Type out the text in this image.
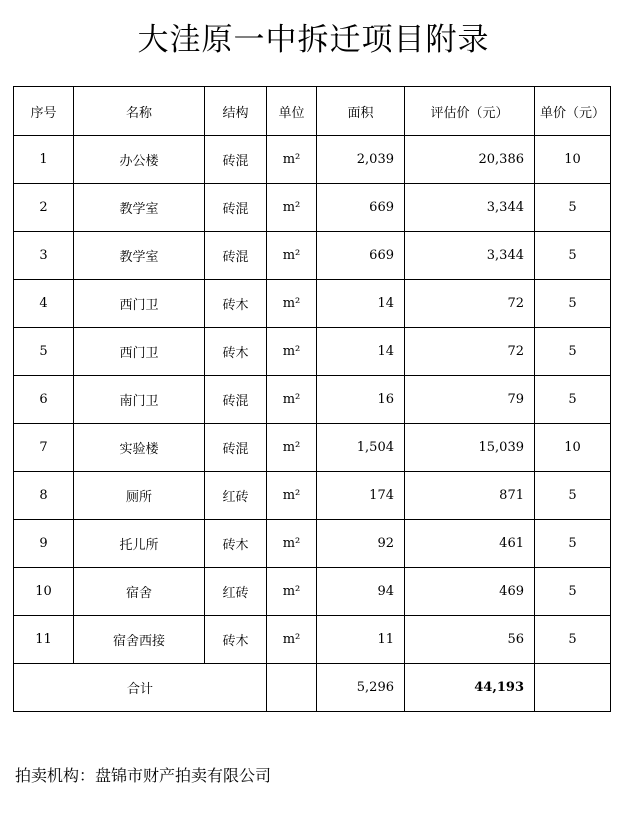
大洼原一中拆迁项目附录
序号	名称	结构	单位	面积	评估价（元）	单价（元）
1	办公楼	砖混	m²	2,039	20,386	10
2	教学室	砖混	m²	669	3,344	5
3	教学室	砖混	m²	669	3,344	5
4	西门卫	砖木	m²	14	72	5
5	西门卫	砖木	m²	14	72	5
6	南门卫	砖混	m²	16	79	5
7	实验楼	砖混	m²	1,504	15,039	10
8	厕所	红砖	m²	174	871	5
9	托儿所	砖木	m²	92	461	5
10	宿舍	红砖	m²	94	469	5
11	宿舍西接	砖木	m²	11	56	5
合计				5,296	44,193	
拍卖机构：盘锦市财产拍卖有限公司
